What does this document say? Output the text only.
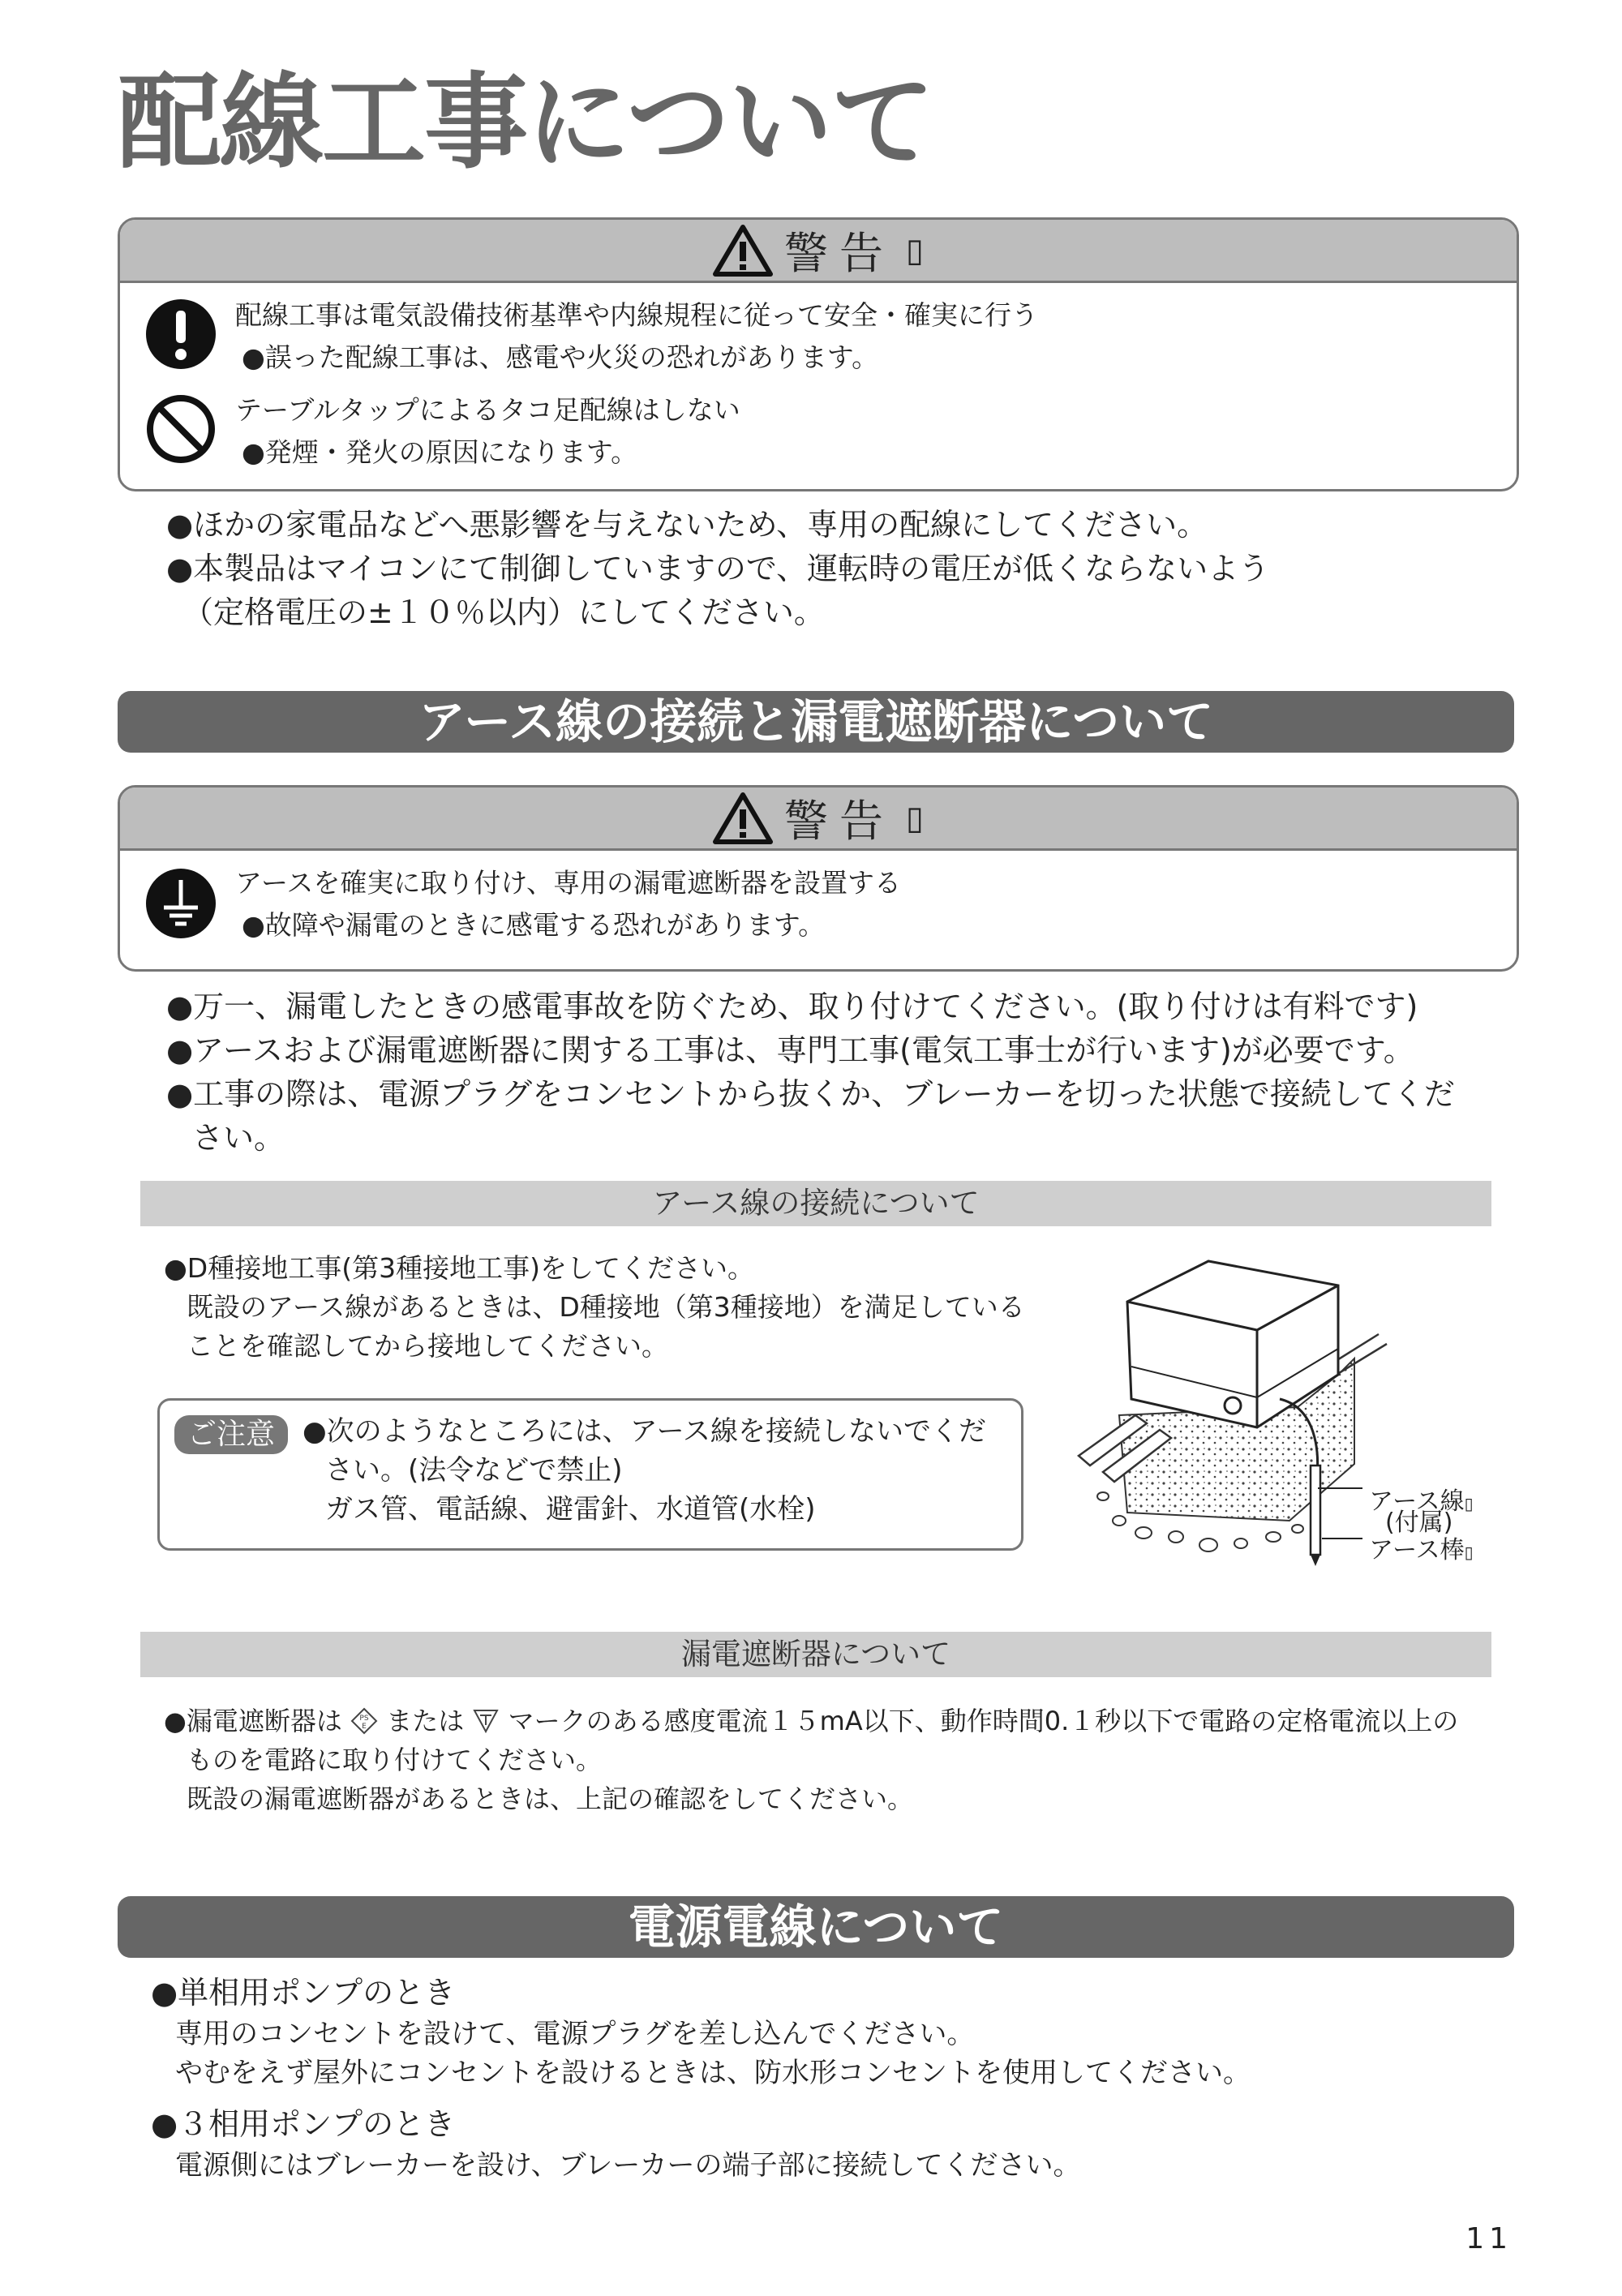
配線工事について
警告 ▯
配線工事は電気設備技術基準や内線規程に従って安全・確実に行う
●誤った配線工事は、感電や火災の恐れがあります。
テーブルタップによるタコ足配線はしない
●発煙・発火の原因になります。
●ほかの家電品などへ悪影響を与えないため、専用の配線にしてください。
●本製品はマイコンにて制御していますので、運転時の電圧が低くならないよう
（定格電圧の±１０％以内）にしてください。
アース線の接続と漏電遮断器について
警告 ▯
アースを確実に取り付け、専用の漏電遮断器を設置する
●故障や漏電のときに感電する恐れがあります。
●万一、漏電したときの感電事故を防ぐため、取り付けてください。(取り付けは有料です)
●アースおよび漏電遮断器に関する工事は、専門工事(電気工事士が行います)が必要です。
●工事の際は、電源プラグをコンセントから抜くか、ブレーカーを切った状態で接続してくだ
さい。
アース線の接続について
●D種接地工事(第3種接地工事)をしてください。
既設のアース線があるときは、D種接地（第3種接地）を満足している
ことを確認してから接地してください。
ご注意 ●次のようなところには、アース線を接続しないでくだ
さい。(法令などで禁止)
ガス管、電話線、避雷針、水道管(水栓)	アース線▯
(付属)
アース棒▯
漏電遮断器について
●漏電遮断器は PS
E または マークのある感度電流１５mA以下、動作時間0.１秒以下で電路の定格電流以上の
ものを電路に取り付けてください。
既設の漏電遮断器があるときは、上記の確認をしてください。
電源電線について
●単相用ポンプのとき
専用のコンセントを設けて、電源プラグを差し込んでください。
やむをえず屋外にコンセントを設けるときは、防水形コンセントを使用してください。
●３相用ポンプのとき
電源側にはブレーカーを設け、ブレーカーの端子部に接続してください。
11
